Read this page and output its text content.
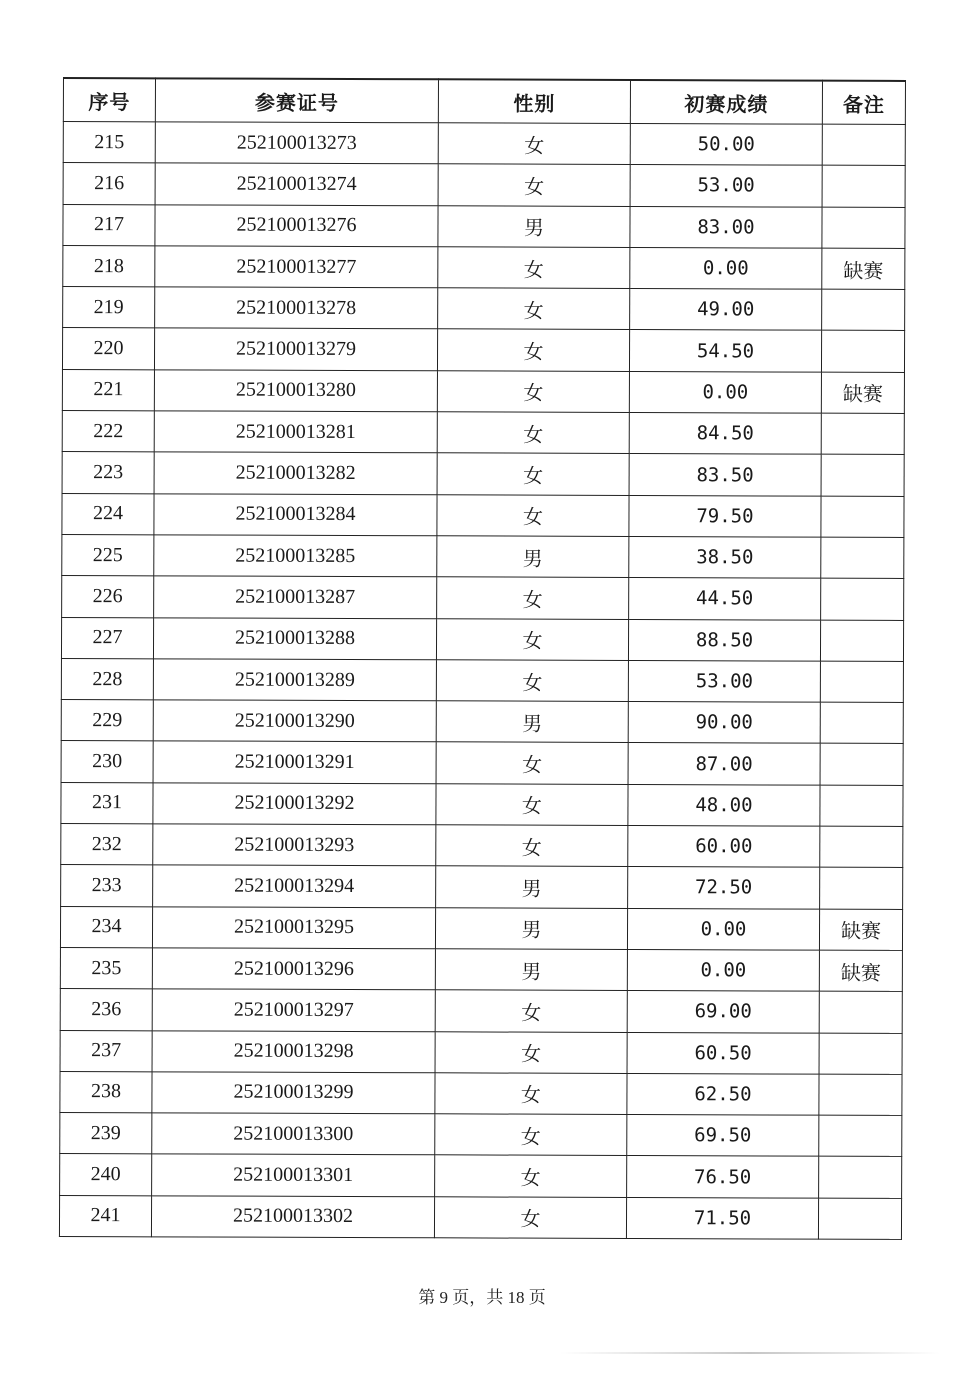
序号	参赛证号	性别	初赛成绩	备注
215	252100013273	女	50.00	
216	252100013274	女	53.00	
217	252100013276	男	83.00	
218	252100013277	女	0.00	缺赛
219	252100013278	女	49.00	
220	252100013279	女	54.50	
221	252100013280	女	0.00	缺赛
222	252100013281	女	84.50	
223	252100013282	女	83.50	
224	252100013284	女	79.50	
225	252100013285	男	38.50	
226	252100013287	女	44.50	
227	252100013288	女	88.50	
228	252100013289	女	53.00	
229	252100013290	男	90.00	
230	252100013291	女	87.00	
231	252100013292	女	48.00	
232	252100013293	女	60.00	
233	252100013294	男	72.50	
234	252100013295	男	0.00	缺赛
235	252100013296	男	0.00	缺赛
236	252100013297	女	69.00	
237	252100013298	女	60.50	
238	252100013299	女	62.50	
239	252100013300	女	69.50	
240	252100013301	女	76.50	
241	252100013302	女	71.50	
第 9 页，共 18 页
